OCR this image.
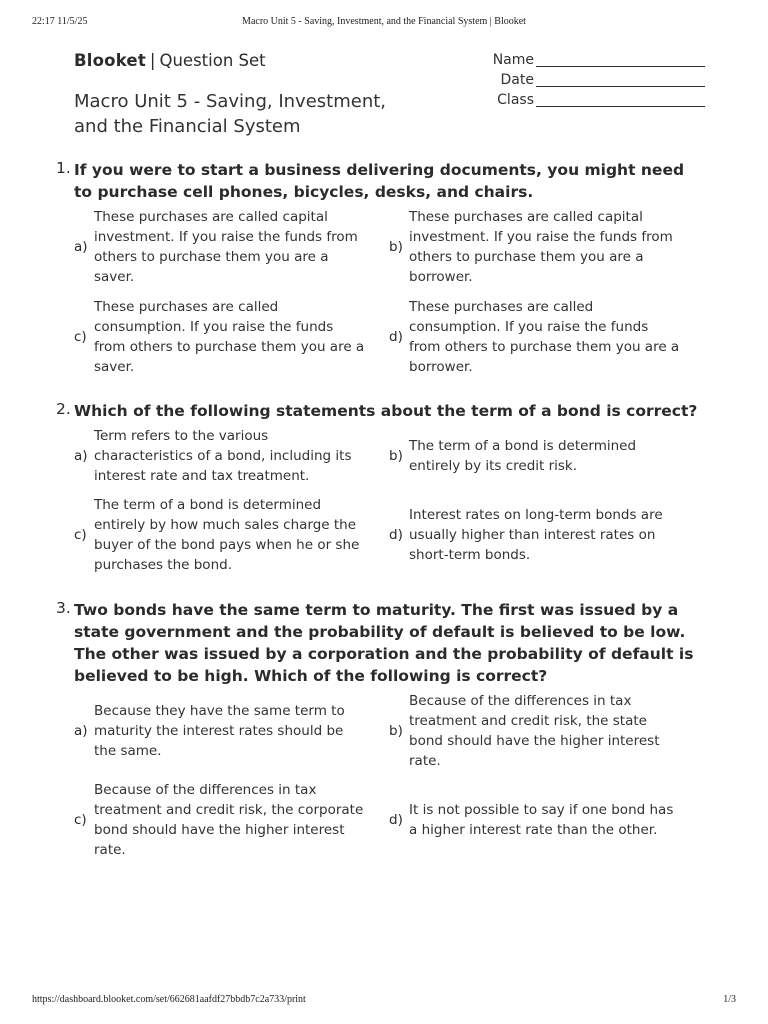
22:17 11/5/25	Macro Unit 5 - Saving, Investment, and the Financial System | Blooket
Blooket | Question Set
Macro Unit 5 - Saving, Investment, and the Financial System
Name
Date
Class
1. If you were to start a business delivering documents, you might need to purchase cell phones, bicycles, desks, and chairs.
a)
These purchases are called capital investment. If you raise the funds from others to purchase them you are a saver.
b)
These purchases are called capital investment. If you raise the funds from others to purchase them you are a borrower.
c)
These purchases are called consumption. If you raise the funds from others to purchase them you are a saver.
d)
These purchases are called consumption. If you raise the funds from others to purchase them you are a borrower.
2. Which of the following statements about the term of a bond is correct?
a)
Term refers to the various characteristics of a bond, including its interest rate and tax treatment.
b)
The term of a bond is determined entirely by its credit risk.
c)
The term of a bond is determined entirely by how much sales charge the buyer of the bond pays when he or she purchases the bond.
d)
Interest rates on long-term bonds are usually higher than interest rates on short-term bonds.
3. Two bonds have the same term to maturity. The first was issued by a state government and the probability of default is believed to be low. The other was issued by a corporation and the probability of default is believed to be high. Which of the following is correct?
a)
Because they have the same term to maturity the interest rates should be the same.
b)
Because of the differences in tax treatment and credit risk, the state bond should have the higher interest rate.
c)
Because of the differences in tax treatment and credit risk, the corporate bond should have the higher interest rate.
d)
It is not possible to say if one bond has a higher interest rate than the other.
https://dashboard.blooket.com/set/662681aafdf27bbdb7c2a733/print	1/3
